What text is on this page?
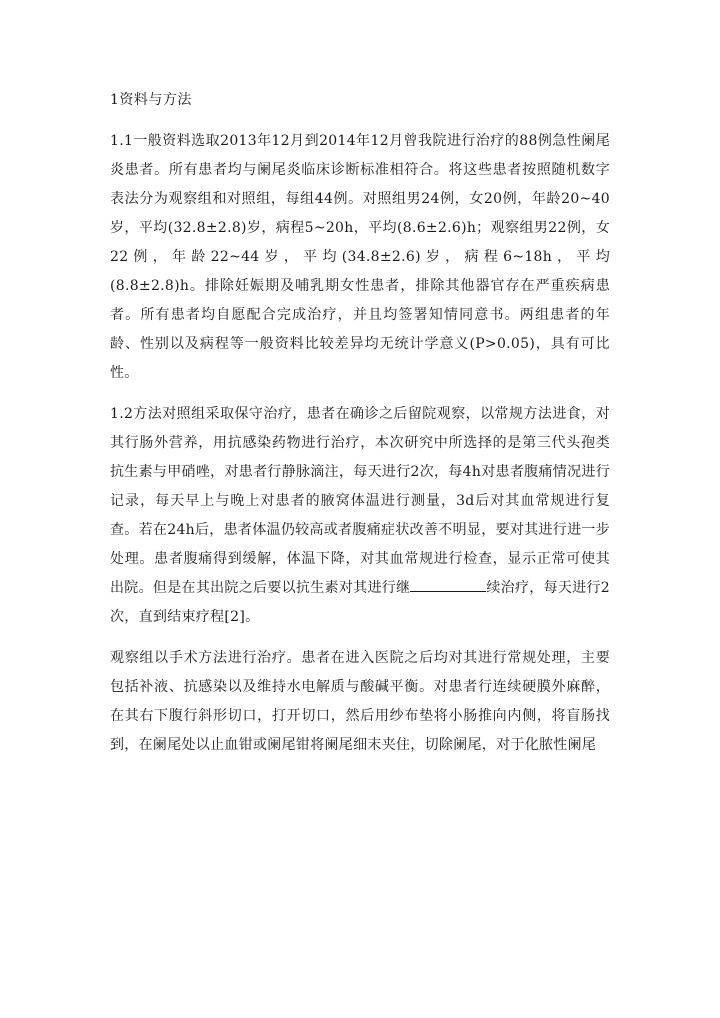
1资料与方法

1.1一般资料选取2013年12月到2014年12月曾我院进行治疗的88例急性阑尾炎患者。所有患者均与阑尾炎临床诊断标准相符合。将这些患者按照随机数字表法分为观察组和对照组，每组44例。对照组男24例，女20例，年龄20~40岁，平均(32.8±2.8)岁，病程5~20h，平均(8.6±2.6)h；观察组男22例，女22例，年龄22~44岁，平均(34.8±2.6)岁，病程6~18h，平均(8.8±2.8)h。排除妊娠期及哺乳期女性患者，排除其他器官存在严重疾病患者。所有患者均自愿配合完成治疗，并且均签署知情同意书。两组患者的年龄、性别以及病程等一般资料比较差异均无统计学意义(P>0.05)，具有可比性。

1.2方法对照组采取保守治疗，患者在确诊之后留院观察，以常规方法进食，对其行肠外营养，用抗感染药物进行治疗，本次研究中所选择的是第三代头孢类抗生素与甲硝唑，对患者行静脉滴注，每天进行2次，每4h对患者腹痛情况进行记录，每天早上与晚上对患者的腋窝体温进行测量，3d后对其血常规进行复查。若在24h后，患者体温仍较高或者腹痛症状改善不明显，要对其进行进一步处理。患者腹痛得到缓解，体温下降，对其血常规进行检查，显示正常可使其出院。但是在其出院之后要以抗生素对其进行继	续治疗，每天进行2次，直到结束疗程[2]。

观察组以手术方法进行治疗。患者在进入医院之后均对其进行常规处理，主要包括补液、抗感染以及维持水电解质与酸碱平衡。对患者行连续硬膜外麻醉，在其右下腹行斜形切口，打开切口，然后用纱布垫将小肠推向内侧，将盲肠找到，在阑尾处以止血钳或阑尾钳将阑尾细末夹住，切除阑尾，对于化脓性阑尾
